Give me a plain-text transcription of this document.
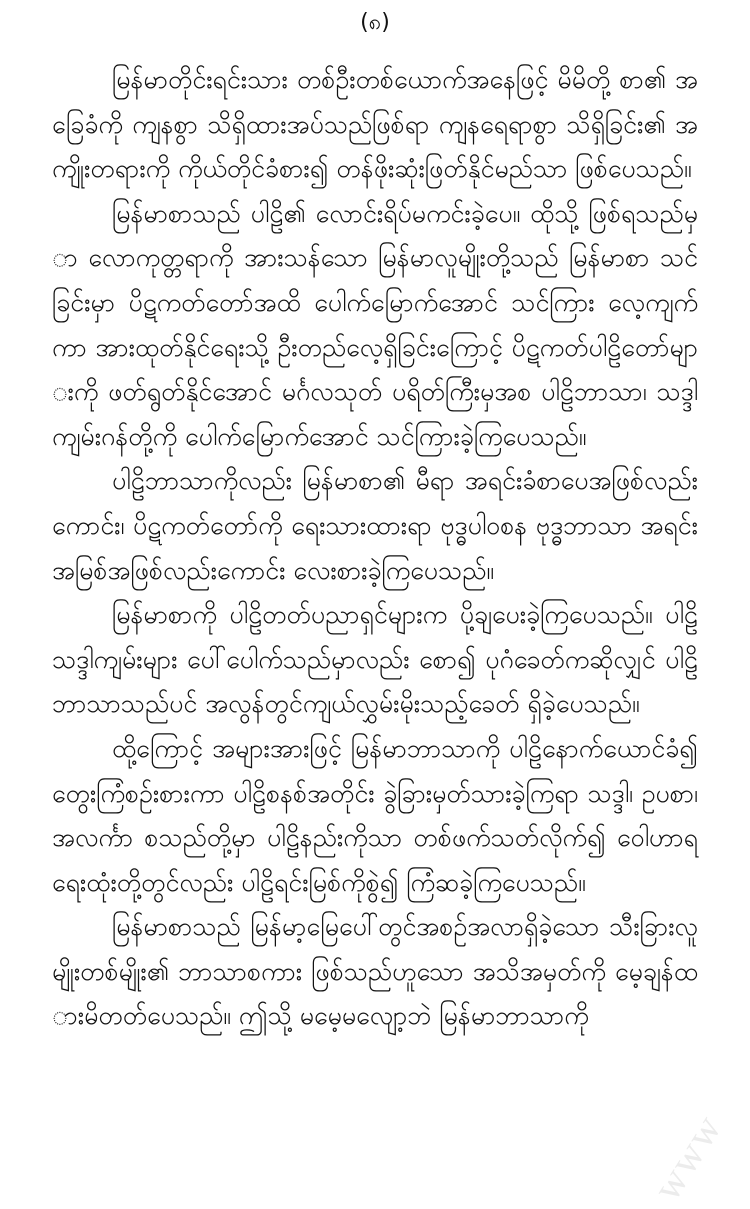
(၈)

မြန်မာတိုင်းရင်းသား တစ်ဦးတစ်ယောက်အနေဖြင့် မိမိတို့ စာ၏ အခြေခံကို ကျနစွာ သိရှိထားအပ်သည်ဖြစ်ရာ ကျနရေရာစွာ သိရှိခြင်း၏ အကျိုးတရားကို ကိုယ်တိုင်ခံစား၍ တန်ဖိုးဆုံးဖြတ်နိုင်မည်သာ ဖြစ်ပေသည်။

မြန်မာစာသည် ပါဠိ၏ လောင်းရိပ်မကင်းခဲ့ပေ။ ထိုသို့ ဖြစ်ရသည်မှာ လောကုတ္တရာကို အားသန်သော မြန်မာလူမျိုးတို့သည် မြန်မာစာ သင်ခြင်းမှာ ပိဋကတ်တော်အထိ ပေါက်မြောက်အောင် သင်ကြား လေ့ကျက်ကာ အားထုတ်နိုင်ရေးသို့ ဦးတည်လေ့ရှိခြင်းကြောင့် ပိဋကတ်ပါဠိတော်များကို ဖတ်ရွတ်နိုင်အောင် မင်္ဂလသုတ် ပရိတ်ကြီးမှအစ ပါဠိဘာသာ၊ သဒ္ဒါကျမ်းဂန်တို့ကို ပေါက်မြောက်အောင် သင်ကြားခဲ့ကြပေသည်။

ပါဠိဘာသာကိုလည်း မြန်မာစာ၏ မီရာ အရင်းခံစာပေအဖြစ်လည်းကောင်း၊ ပိဋကတ်တော်ကို ရေးသားထားရာ ဗုဒ္ဓပါဝစန ဗုဒ္ဓဘာသာ အရင်းအမြစ်အဖြစ်လည်းကောင်း လေးစားခဲ့ကြပေသည်။

မြန်မာစာကို ပါဠိတတ်ပညာရှင်များက ပို့ချပေးခဲ့ကြပေသည်။ ပါဠိသဒ္ဒါကျမ်းများ ပေါ်ပေါက်သည်မှာလည်း စော၍ ပုဂံခေတ်ကဆိုလျှင် ပါဠိဘာသာသည်ပင် အလွန်တွင်ကျယ်လွှမ်းမိုးသည့်ခေတ် ရှိခဲ့ပေသည်။

ထို့ကြောင့် အများအားဖြင့် မြန်မာဘာသာကို ပါဠိနောက်ယောင်ခံ၍ တွေးကြံစဉ်းစားကာ ပါဠိစနစ်အတိုင်း ခွဲခြားမှတ်သားခဲ့ကြရာ သဒ္ဒါ၊ ဥပစာ၊ အလင်္ကာ စသည်တို့မှာ ပါဠိနည်းကိုသာ တစ်ဖက်သတ်လိုက်၍ ဝေါဟာရ ရေးထုံးတို့တွင်လည်း ပါဠိရင်းမြစ်ကိုစွဲ၍ ကြံဆခဲ့ကြပေသည်။

မြန်မာစာသည် မြန်မာ့မြေပေါ်တွင်အစဉ်အလာရှိခဲ့သော သီးခြားလူမျိုးတစ်မျိုး၏ ဘာသာစကား ဖြစ်သည်ဟူသော အသိအမှတ်ကို မေ့ချန်ထားမိတတ်ပေသည်။ ဤသို့ မမေ့မလျော့ဘဲ မြန်မာဘာသာကို

www
